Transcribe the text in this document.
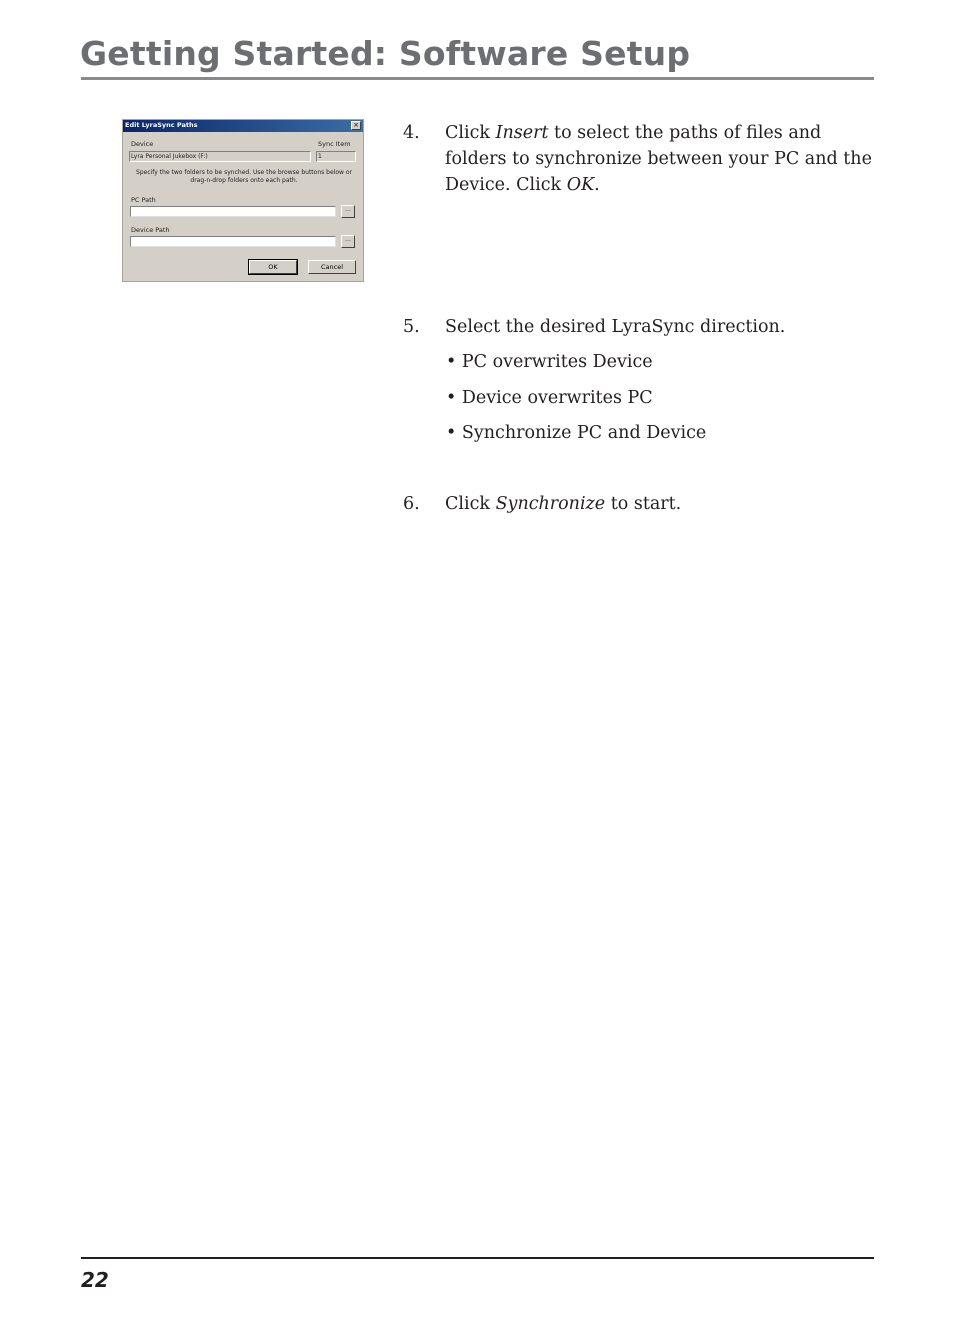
Getting Started: Software Setup
Edit LyraSync Paths	×
Device	Sync Item
Lyra Personal Jukebox (F:)	1
Specify the two folders to be synched. Use the browse buttons below or
drag-n-drop folders onto each path.
PC Path
...
Device Path
...
OK	Cancel
4. Click Insert to select the paths of files and folders to synchronize between your PC and the Device. Click OK.
5. Select the desired LyraSync direction.
• PC overwrites Device
• Device overwrites PC
• Synchronize PC and Device
6. Click Synchronize to start.
22
